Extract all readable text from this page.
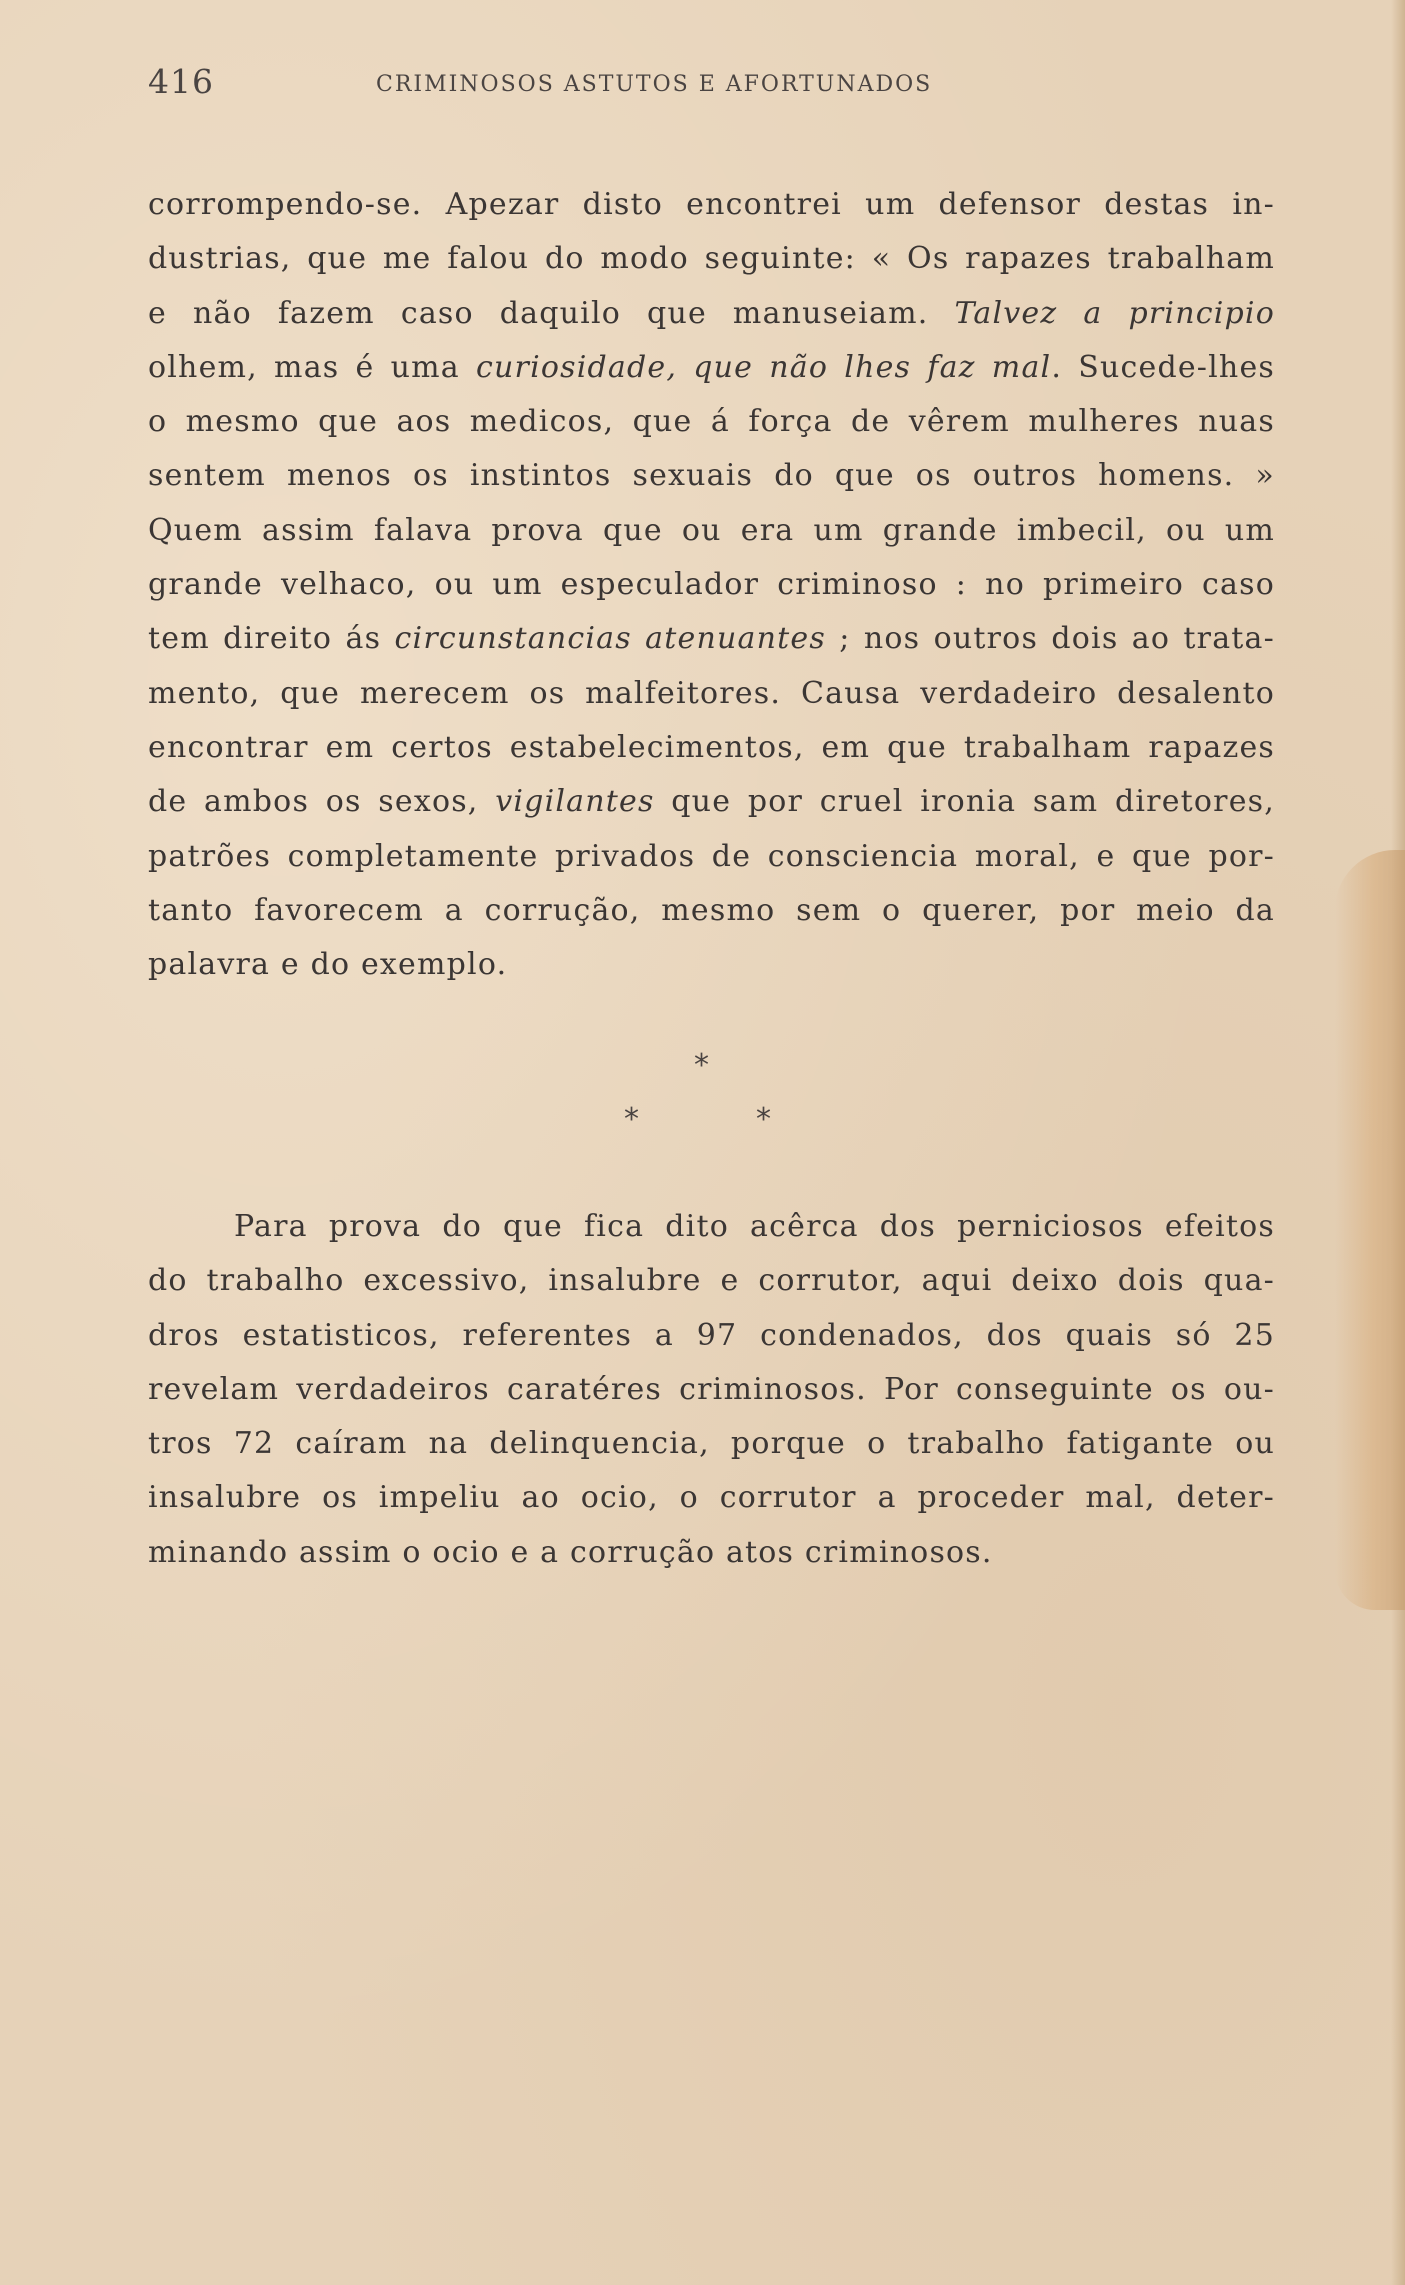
416	CRIMINOSOS ASTUTOS E AFORTUNADOS
corrompendo-se. Apezar disto encontrei um defensor destas in-
dustrias, que me falou do modo seguinte: « Os rapazes trabalham
e não fazem caso daquilo que manuseiam. Talvez a principio
olhem, mas é uma curiosidade, que não lhes faz mal. Sucede-lhes
o mesmo que aos medicos, que á força de vêrem mulheres nuas
sentem menos os instintos sexuais do que os outros homens. »
Quem assim falava prova que ou era um grande imbecil, ou um
grande velhaco, ou um especulador criminoso : no primeiro caso
tem direito ás circunstancias atenuantes ; nos outros dois ao trata-
mento, que merecem os malfeitores. Causa verdadeiro desalento
encontrar em certos estabelecimentos, em que trabalham rapazes
de ambos os sexos, vigilantes que por cruel ironia sam diretores,
patrões completamente privados de consciencia moral, e que por-
tanto favorecem a corrução, mesmo sem o querer, por meio da
palavra e do exemplo.
*
*	*
Para prova do que fica dito acêrca dos perniciosos efeitos
do trabalho excessivo, insalubre e corrutor, aqui deixo dois qua-
dros estatisticos, referentes a 97 condenados, dos quais só 25
revelam verdadeiros caratéres criminosos. Por conseguinte os ou-
tros 72 caíram na delinquencia, porque o trabalho fatigante ou
insalubre os impeliu ao ocio, o corrutor a proceder mal, deter-
minando assim o ocio e a corrução atos criminosos.
